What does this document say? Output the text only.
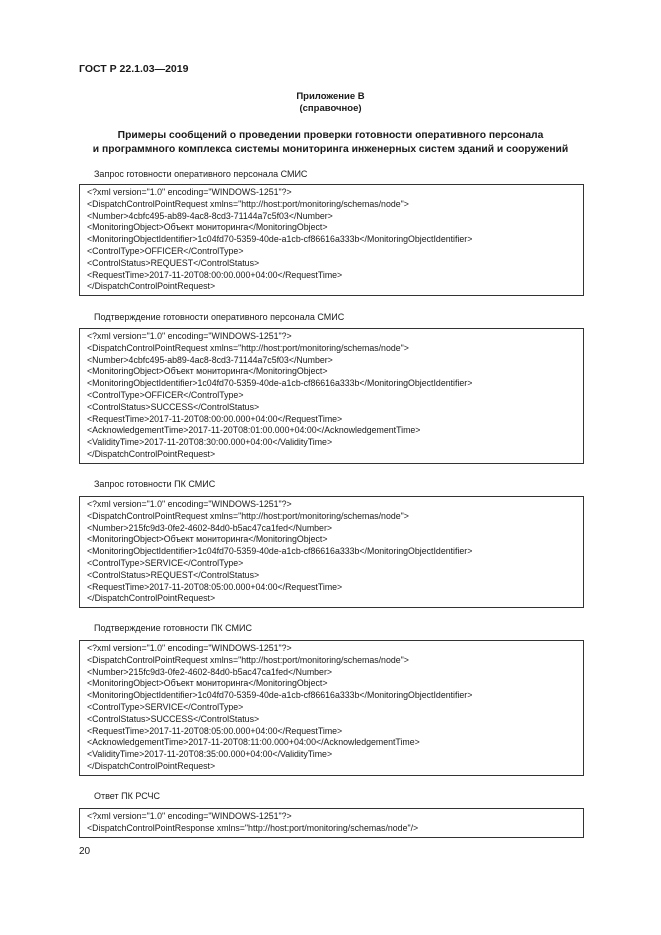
ГОСТ Р 22.1.03—2019
Приложение В
(справочное)
Примеры сообщений о проведении проверки готовности оперативного персонала
и программного комплекса системы мониторинга инженерных систем зданий и сооружений
Запрос готовности оперативного персонала СМИС
<?xml version="1.0" encoding="WINDOWS-1251"?>
<DispatchControlPointRequest xmlns="http://host:port/monitoring/schemas/node">
<Number>4cbfc495-ab89-4ac8-8cd3-71144a7c5f03</Number>
<MonitoringObject>Объект мониторинга</MonitoringObject>
<MonitoringObjectIdentifier>1c04fd70-5359-40de-a1cb-cf86616a333b</MonitoringObjectIdentifier>
<ControlType>OFFICER</ControlType>
<ControlStatus>REQUEST</ControlStatus>
<RequestTime>2017-11-20T08:00:00.000+04:00</RequestTime>
</DispatchControlPointRequest>
Подтверждение готовности оперативного персонала СМИС
<?xml version="1.0" encoding="WINDOWS-1251"?>
<DispatchControlPointRequest xmlns="http://host:port/monitoring/schemas/node">
<Number>4cbfc495-ab89-4ac8-8cd3-71144a7c5f03</Number>
<MonitoringObject>Объект мониторинга</MonitoringObject>
<MonitoringObjectIdentifier>1c04fd70-5359-40de-a1cb-cf86616a333b</MonitoringObjectIdentifier>
<ControlType>OFFICER</ControlType>
<ControlStatus>SUCCESS</ControlStatus>
<RequestTime>2017-11-20T08:00:00.000+04:00</RequestTime>
<AcknowledgementTime>2017-11-20T08:01:00.000+04:00</AcknowledgementTime>
<ValidityTime>2017-11-20T08:30:00.000+04:00</ValidityTime>
</DispatchControlPointRequest>
Запрос готовности ПК СМИС
<?xml version="1.0" encoding="WINDOWS-1251"?>
<DispatchControlPointRequest xmlns="http://host:port/monitoring/schemas/node">
<Number>215fc9d3-0fe2-4602-84d0-b5ac47ca1fed</Number>
<MonitoringObject>Объект мониторинга</MonitoringObject>
<MonitoringObjectIdentifier>1c04fd70-5359-40de-a1cb-cf86616a333b</MonitoringObjectIdentifier>
<ControlType>SERVICE</ControlType>
<ControlStatus>REQUEST</ControlStatus>
<RequestTime>2017-11-20T08:05:00.000+04:00</RequestTime>
</DispatchControlPointRequest>
Подтверждение готовности ПК СМИС
<?xml version="1.0" encoding="WINDOWS-1251"?>
<DispatchControlPointRequest xmlns="http://host:port/monitoring/schemas/node">
<Number>215fc9d3-0fe2-4602-84d0-b5ac47ca1fed</Number>
<MonitoringObject>Объект мониторинга</MonitoringObject>
<MonitoringObjectIdentifier>1c04fd70-5359-40de-a1cb-cf86616a333b</MonitoringObjectIdentifier>
<ControlType>SERVICE</ControlType>
<ControlStatus>SUCCESS</ControlStatus>
<RequestTime>2017-11-20T08:05:00.000+04:00</RequestTime>
<AcknowledgementTime>2017-11-20T08:11:00.000+04:00</AcknowledgementTime>
<ValidityTime>2017-11-20T08:35:00.000+04:00</ValidityTime>
</DispatchControlPointRequest>
Ответ ПК РСЧС
<?xml version="1.0" encoding="WINDOWS-1251"?>
<DispatchControlPointResponse xmlns="http://host:port/monitoring/schemas/node"/>
20
